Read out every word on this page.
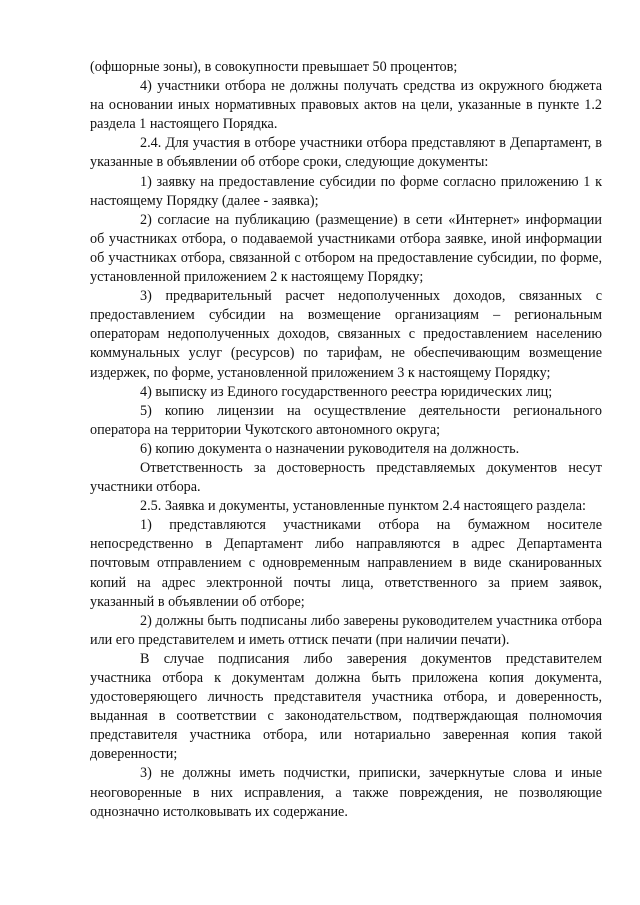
(офшорные зоны), в совокупности превышает 50 процентов;

4) участники отбора не должны получать средства из окружного бюджета на основании иных нормативных правовых актов на цели, указанные в пункте 1.2 раздела 1 настоящего Порядка.

2.4. Для участия в отборе участники отбора представляют в Департамент, в указанные в объявлении об отборе сроки, следующие документы:

1) заявку на предоставление субсидии по форме согласно приложению 1 к настоящему Порядку (далее - заявка);

2) согласие на публикацию (размещение) в сети «Интернет» информации об участниках отбора, о подаваемой участниками отбора заявке, иной информации об участниках отбора, связанной с отбором на предоставление субсидии, по форме, установленной приложением 2 к настоящему Порядку;

3) предварительный расчет недополученных доходов, связанных с предоставлением субсидии на возмещение организациям – региональным операторам недополученных доходов, связанных с предоставлением населению коммунальных услуг (ресурсов) по тарифам, не обеспечивающим возмещение издержек, по форме, установленной приложением 3 к настоящему Порядку;

4) выписку из Единого государственного реестра юридических лиц;

5) копию лицензии на осуществление деятельности регионального оператора на территории Чукотского автономного округа;

6) копию документа о назначении руководителя на должность.

Ответственность за достоверность представляемых документов несут участники отбора.

2.5. Заявка и документы, установленные пунктом 2.4 настоящего раздела:

1) представляются участниками отбора на бумажном носителе непосредственно в Департамент либо направляются в адрес Департамента почтовым отправлением с одновременным направлением в виде сканированных копий на адрес электронной почты лица, ответственного за прием заявок, указанный в объявлении об отборе;

2) должны быть подписаны либо заверены руководителем участника отбора или его представителем и иметь оттиск печати (при наличии печати).

В случае подписания либо заверения документов представителем участника отбора к документам должна быть приложена копия документа, удостоверяющего личность представителя участника отбора, и доверенность, выданная в соответствии с законодательством, подтверждающая полномочия представителя участника отбора, или нотариально заверенная копия такой доверенности;

3) не должны иметь подчистки, приписки, зачеркнутые слова и иные неоговоренные в них исправления, а также повреждения, не позволяющие однозначно истолковывать их содержание.
